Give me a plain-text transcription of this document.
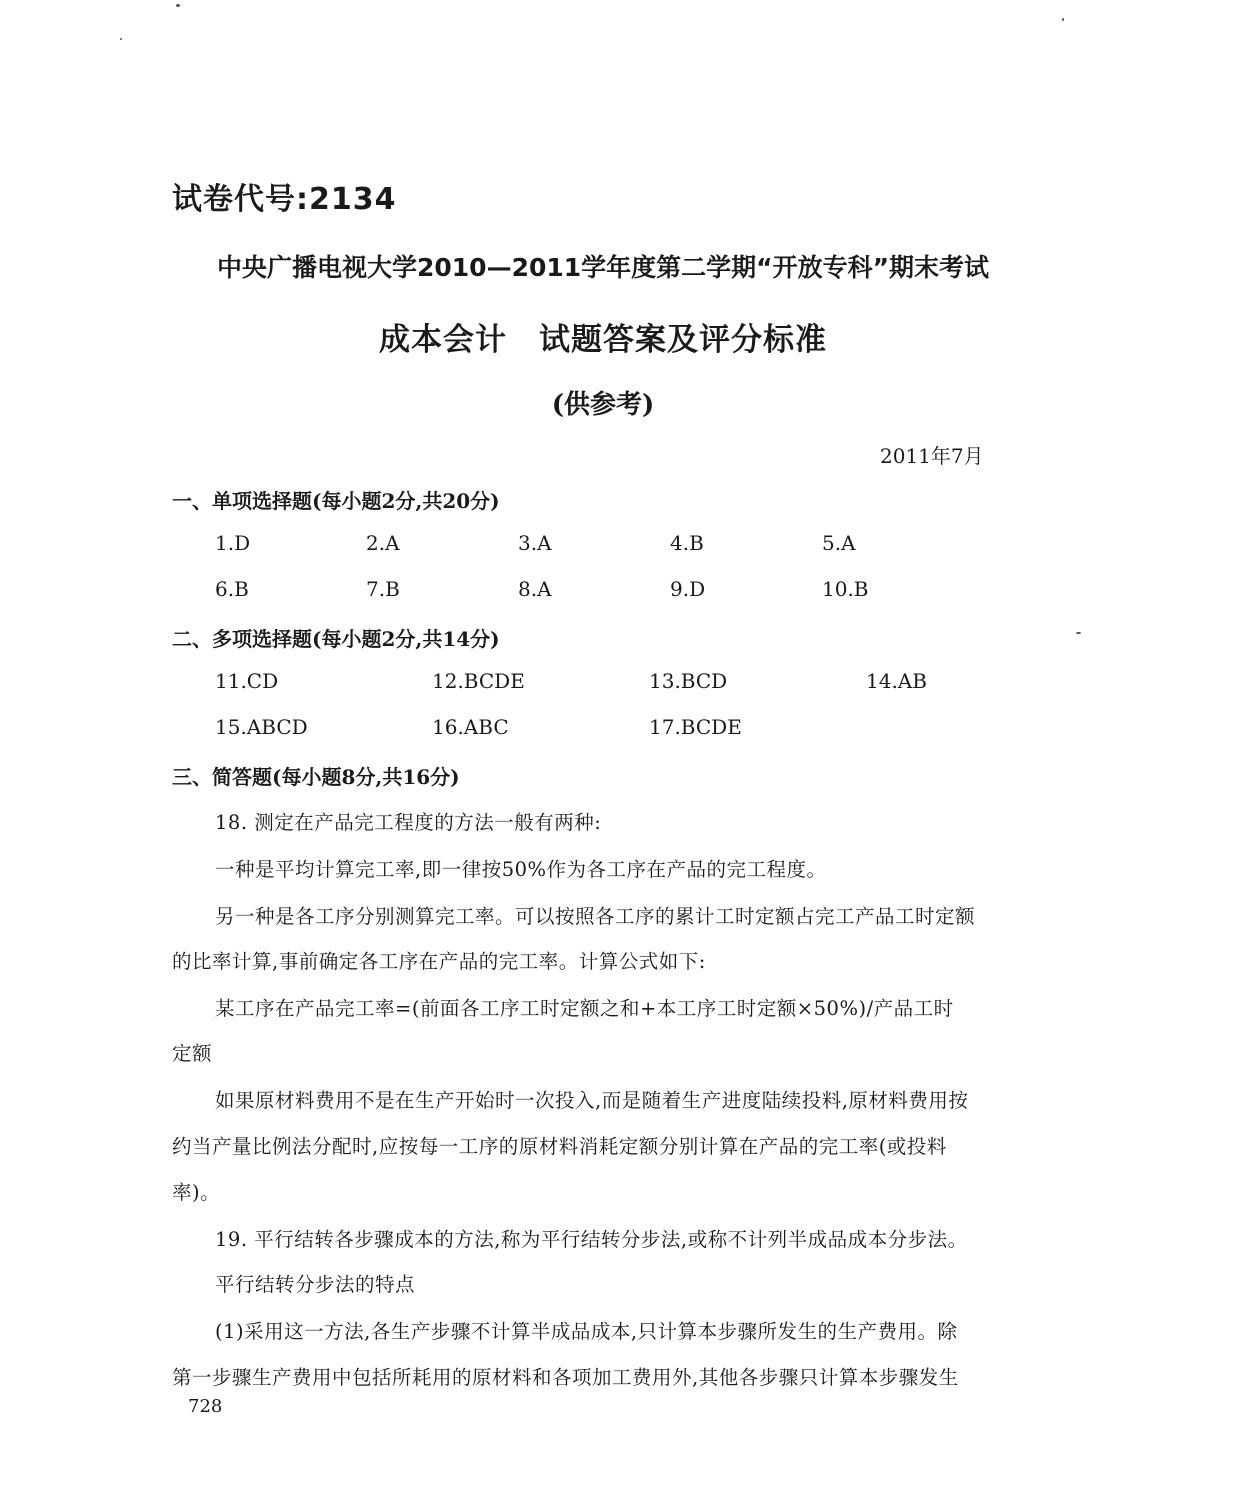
试卷代号:2134
中央广播电视大学2010—2011学年度第二学期“开放专科”期末考试
成本会计　试题答案及评分标准
(供参考)
2011年7月
一、单项选择题(每小题2分,共20分)
1.D	2.A	3.A	4.B	5.A
6.B	7.B	8.A	9.D	10.B
二、多项选择题(每小题2分,共14分)
11.CD	12.BCDE	13.BCD	14.AB
15.ABCD	16.ABC	17.BCDE
三、简答题(每小题8分,共16分)
18. 测定在产品完工程度的方法一般有两种:
一种是平均计算完工率,即一律按50%作为各工序在产品的完工程度。
另一种是各工序分别测算完工率。可以按照各工序的累计工时定额占完工产品工时定额
的比率计算,事前确定各工序在产品的完工率。计算公式如下:
某工序在产品完工率=(前面各工序工时定额之和+本工序工时定额×50%)/产品工时
定额
如果原材料费用不是在生产开始时一次投入,而是随着生产进度陆续投料,原材料费用按
约当产量比例法分配时,应按每一工序的原材料消耗定额分别计算在产品的完工率(或投料
率)。
19. 平行结转各步骤成本的方法,称为平行结转分步法,或称不计列半成品成本分步法。
平行结转分步法的特点
(1)采用这一方法,各生产步骤不计算半成品成本,只计算本步骤所发生的生产费用。除
第一步骤生产费用中包括所耗用的原材料和各项加工费用外,其他各步骤只计算本步骤发生
728
